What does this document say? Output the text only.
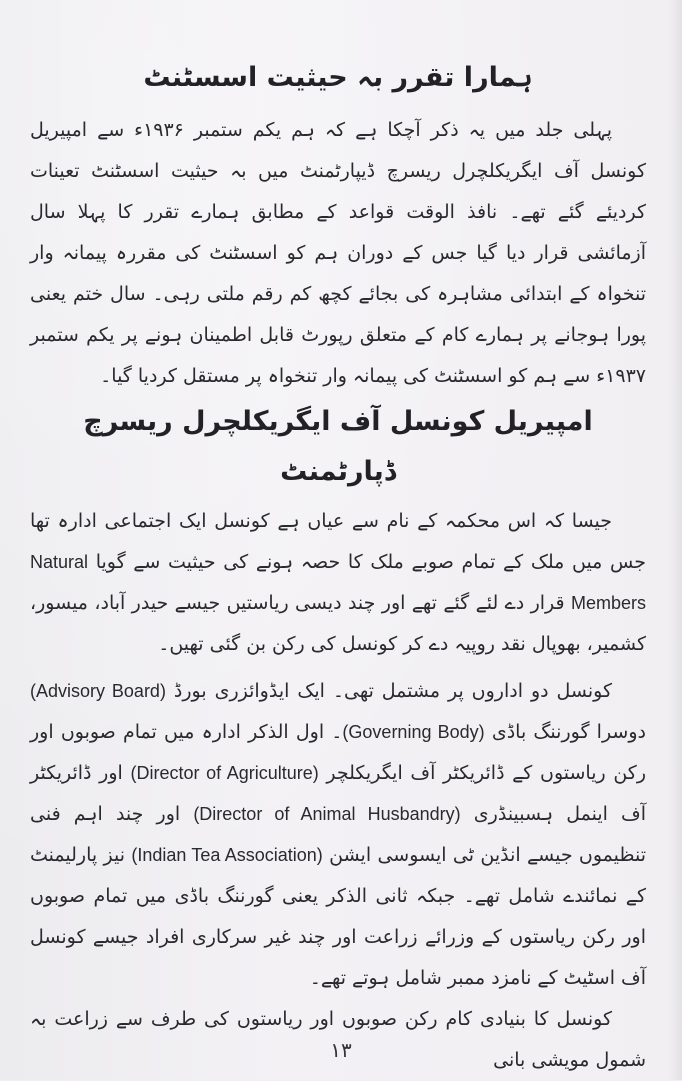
ہمارا تقرر بہ حیثیت اسسٹنٹ

پہلی جلد میں یہ ذکر آچکا ہے کہ ہم یکم ستمبر ۱۹۳۶ء سے امپیریل کونسل آف ایگریکلچرل ریسرچ ڈیپارٹمنٹ میں بہ حیثیت اسسٹنٹ تعینات کردیئے گئے تھے۔ نافذ الوقت قواعد کے مطابق ہمارے تقرر کا پہلا سال آزمائشی قرار دیا گیا جس کے دوران ہم کو اسسٹنٹ کی مقررہ پیمانہ وار تنخواہ کے ابتدائی مشاہرہ کی بجائے کچھ کم رقم ملتی رہی۔ سال ختم یعنی پورا ہوجانے پر ہمارے کام کے متعلق رپورٹ قابل اطمینان ہونے پر یکم ستمبر ۱۹۳۷ء سے ہم کو اسسٹنٹ کی پیمانہ وار تنخواہ پر مستقل کردیا گیا۔

امپیریل کونسل آف ایگریکلچرل ریسرچ ڈپارٹمنٹ

جیسا کہ اس محکمہ کے نام سے عیاں ہے کونسل ایک اجتماعی ادارہ تھا جس میں ملک کے تمام صوبے ملک کا حصہ ہونے کی حیثیت سے گویا Natural Members قرار دے لئے گئے تھے اور چند دیسی ریاستیں جیسے حیدر آباد، میسور، کشمیر، بھوپال نقد روپیہ دے کر کونسل کی رکن بن گئی تھیں۔

کونسل دو اداروں پر مشتمل تھی۔ ایک ایڈوائزری بورڈ (Advisory Board) دوسرا گورننگ باڈی (Governing Body)۔ اول الذکر ادارہ میں تمام صوبوں اور رکن ریاستوں کے ڈائریکٹر آف ایگریکلچر (Director of Agriculture) اور ڈائریکٹر آف اینمل ہسبینڈری (Director of Animal Husbandry) اور چند اہم فنی تنظیموں جیسے انڈین ٹی ایسوسی ایشن (Indian Tea Association) نیز پارلیمنٹ کے نمائندے شامل تھے۔ جبکہ ثانی الذکر یعنی گورننگ باڈی میں تمام صوبوں اور رکن ریاستوں کے وزرائے زراعت اور چند غیر سرکاری افراد جیسے کونسل آف اسٹیٹ کے نامزد ممبر شامل ہوتے تھے۔

کونسل کا بنیادی کام رکن صوبوں اور ریاستوں کی طرف سے زراعت بہ شمول مویشی بانی

۱۳
